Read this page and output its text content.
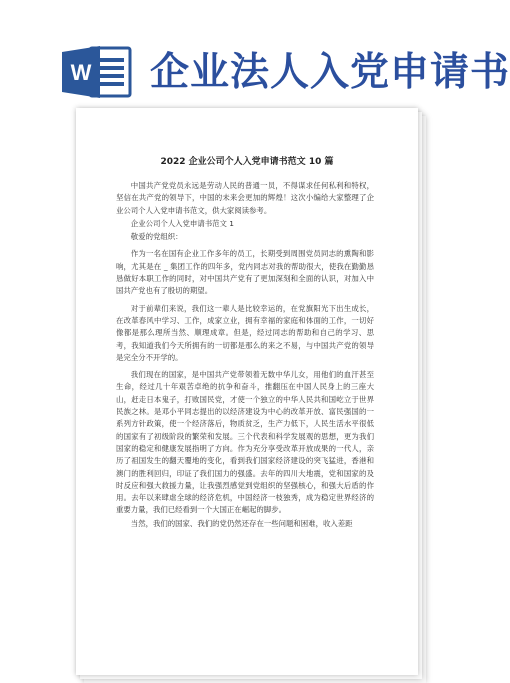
W 企业法人入党申请书
2022 企业公司个人入党申请书范文 10 篇

中国共产党党员永远是劳动人民的普通一员，不得谋求任何私利和特权，坚信在共产党的领导下，中国的未来会更加的辉煌！这次小编给大家整理了企业公司个人入党申请书范文，供大家阅读参考。

企业公司个人入党申请书范文 1

敬爱的党组织：

作为一名在国有企业工作多年的员工，长期受到周围党员同志的熏陶和影响，尤其是在 _ 集团工作的四年多，党内同志对我的帮助很大，使我在勤勤恳恳做好本职工作的同时，对中国共产党有了更加深刻和全面的认识，对加入中国共产党也有了殷切的期望。

对于前辈们来说，我们这一辈人是比较幸运的，在党旗阳光下出生成长，在改革春风中学习、工作，成家立业，拥有幸福的家庭和体面的工作，一切好像都是那么理所当然、顺理成章。但是，经过同志的帮助和自己的学习、思考，我知道我们今天所拥有的一切都是那么的来之不易，与中国共产党的领导是完全分不开学的。

我们现在的国家，是中国共产党带领着无数中华儿女，用他们的血汗甚至生命，经过几十年艰苦卓绝的抗争和奋斗，推翻压在中国人民身上的三座大山，赶走日本鬼子，打败国民党，才使一个独立的中华人民共和国屹立于世界民族之林。是邓小平同志提出的以经济建设为中心的改革开放、富民强国的一系列方针政策，使一个经济落后，物质贫乏，生产力低下，人民生活水平很低的国家有了初级阶段的繁荣和发展。三个代表和科学发展观的思想，更为我们国家的稳定和健康发展指明了方向。作为充分享受改革开放成果的一代人，亲历了祖国发生的翻天覆地的变化，看到我们国家经济建设的突飞猛进，香港和澳门的胜利回归，印证了我们国力的强盛。去年的四川大地震，党和国家的及时反应和强大救援力量，让我强烈感觉到党组织的坚强核心，和强大后盾的作用。去年以来肆虐全球的经济危机，中国经济一枝独秀，成为稳定世界经济的重要力量，我们已经看到一个大国正在崛起的脚步。

当然，我们的国家、我们的党仍然还存在一些问题和困难，收入差距
